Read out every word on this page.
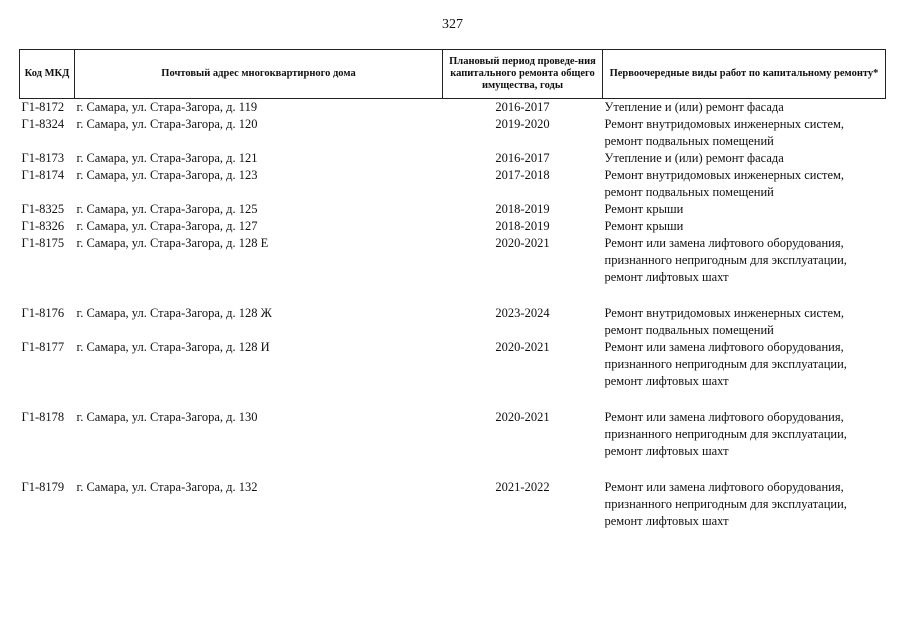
327
Код МКД	Почтовый адрес многоквартирного дома	Плановый период проведе-ния капитального ремонта общего имущества, годы	Первоочередные виды работ по капитальному ремонту*
Г1-8172	г. Самара, ул. Стара-Загора, д. 119	2016-2017	Утепление и (или) ремонт фасада
Г1-8324	г. Самара, ул. Стара-Загора, д. 120	2019-2020	Ремонт внутридомовых инженерных систем, ремонт подвальных помещений
Г1-8173	г. Самара, ул. Стара-Загора, д. 121	2016-2017	Утепление и (или) ремонт фасада
Г1-8174	г. Самара, ул. Стара-Загора, д. 123	2017-2018	Ремонт внутридомовых инженерных систем, ремонт подвальных помещений
Г1-8325	г. Самара, ул. Стара-Загора, д. 125	2018-2019	Ремонт крыши
Г1-8326	г. Самара, ул. Стара-Загора, д. 127	2018-2019	Ремонт крыши
Г1-8175	г. Самара, ул. Стара-Загора, д. 128 Е	2020-2021	Ремонт или замена лифтового оборудования, признанного непригодным для эксплуатации, ремонт лифтовых шахт
Г1-8176	г. Самара, ул. Стара-Загора, д. 128 Ж	2023-2024	Ремонт внутридомовых инженерных систем, ремонт подвальных помещений
Г1-8177	г. Самара, ул. Стара-Загора, д. 128 И	2020-2021	Ремонт или замена лифтового оборудования, признанного непригодным для эксплуатации, ремонт лифтовых шахт
Г1-8178	г. Самара, ул. Стара-Загора, д. 130	2020-2021	Ремонт или замена лифтового оборудования, признанного непригодным для эксплуатации, ремонт лифтовых шахт
Г1-8179	г. Самара, ул. Стара-Загора, д. 132	2021-2022	Ремонт или замена лифтового оборудования, признанного непригодным для эксплуатации, ремонт лифтовых шахт
